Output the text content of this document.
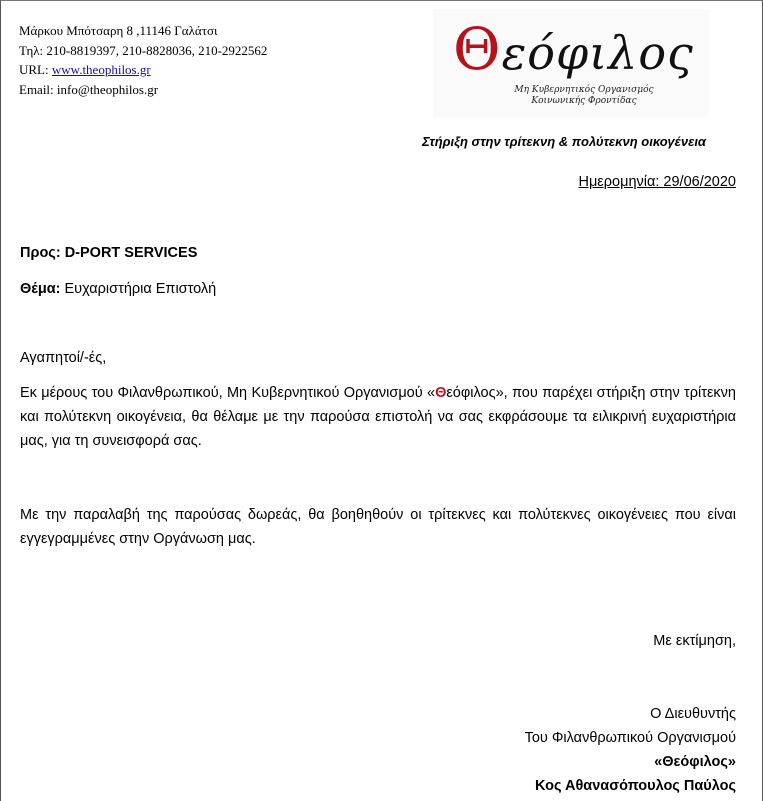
Μάρκου Μπότσαρη 8 ,11146 Γαλάτσι
Τηλ: 210-8819397, 210-8828036, 210-2922562
URL: www.theophilos.gr
Email: info@theophilos.gr
Θεόφιλος
Μη Κυβερνητικός Οργανισμός
Κοινωνικής Φροντίδας
Στήριξη στην τρίτεκνη & πολύτεκνη οικογένεια
Ημερομηνία: 29/06/2020
Προς: D-PORT SERVICES
Θέμα: Ευχαριστήρια Επιστολή
Αγαπητοί/-ές,
Εκ μέρους του Φιλανθρωπικού, Μη Κυβερνητικού Οργανισμού «Θεόφιλος», που παρέχει στήριξη στην τρίτεκνη και πολύτεκνη οικογένεια, θα θέλαμε με την παρούσα επιστολή να σας εκφράσουμε τα ειλικρινή ευχαριστήρια μας, για τη συνεισφορά σας.
Με την παραλαβή της παρούσας δωρεάς, θα βοηθηθούν οι τρίτεκνες και πολύτεκνες οικογένειες που είναι εγγεγραμμένες στην Οργάνωση μας.
Με εκτίμηση,
Ο Διευθυντής
Του Φιλανθρωπικού Οργανισμού
«Θεόφιλος»
Κος Αθανασόπουλος Παύλος
